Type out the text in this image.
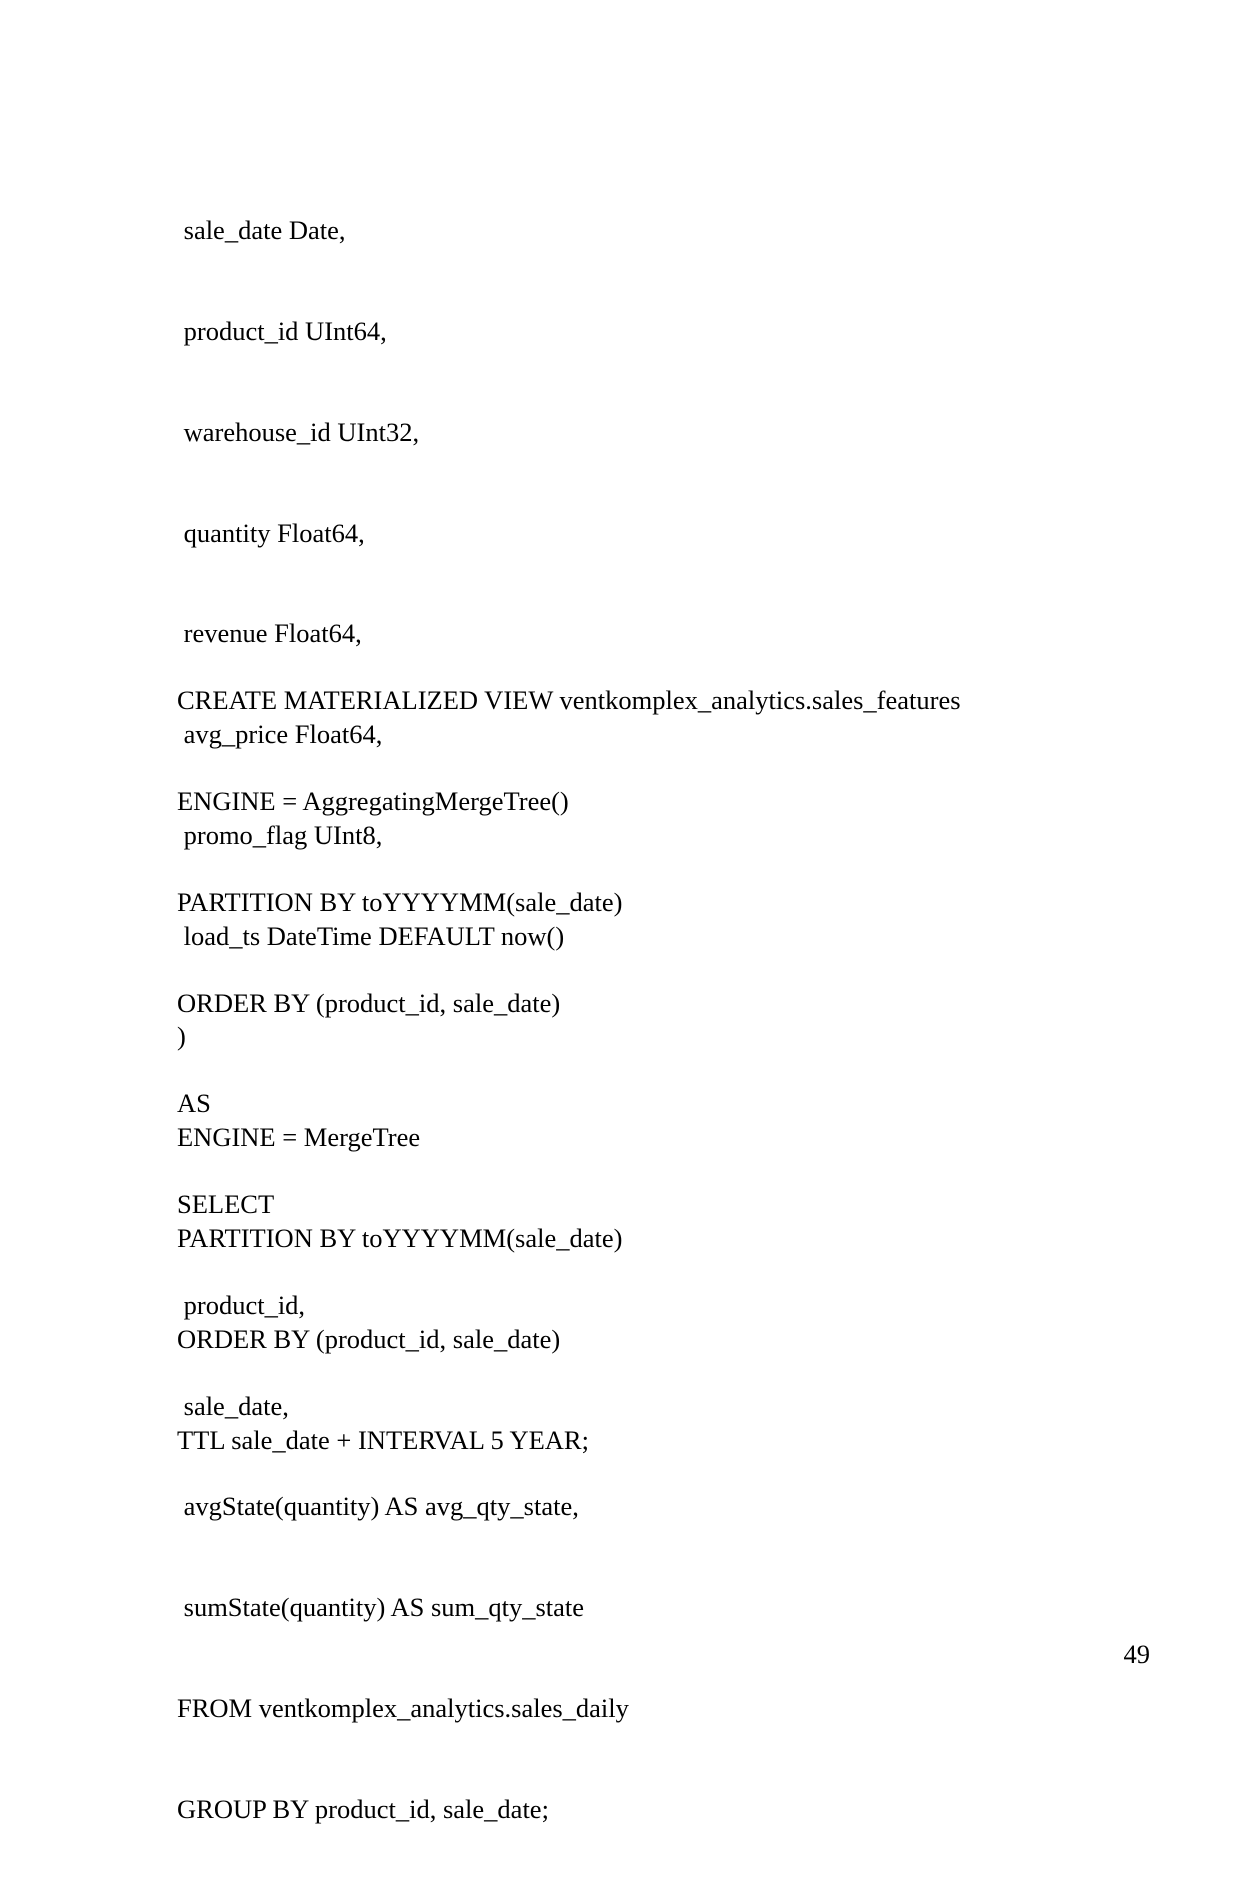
sale_date Date,

product_id UInt64,

warehouse_id UInt32,

quantity Float64,

revenue Float64,

avg_price Float64,

promo_flag UInt8,

load_ts DateTime DEFAULT now()

)

ENGINE = MergeTree

PARTITION BY toYYYYMM(sale_date)

ORDER BY (product_id, sale_date)

TTL sale_date + INTERVAL 5 YEAR;

CREATE MATERIALIZED VIEW ventkomplex_analytics.sales_features

ENGINE = AggregatingMergeTree()

PARTITION BY toYYYYMM(sale_date)

ORDER BY (product_id, sale_date)

AS

SELECT

product_id,

sale_date,

avgState(quantity) AS avg_qty_state,

sumState(quantity) AS sum_qty_state

FROM ventkomplex_analytics.sales_daily

GROUP BY product_id, sale_date;

49
